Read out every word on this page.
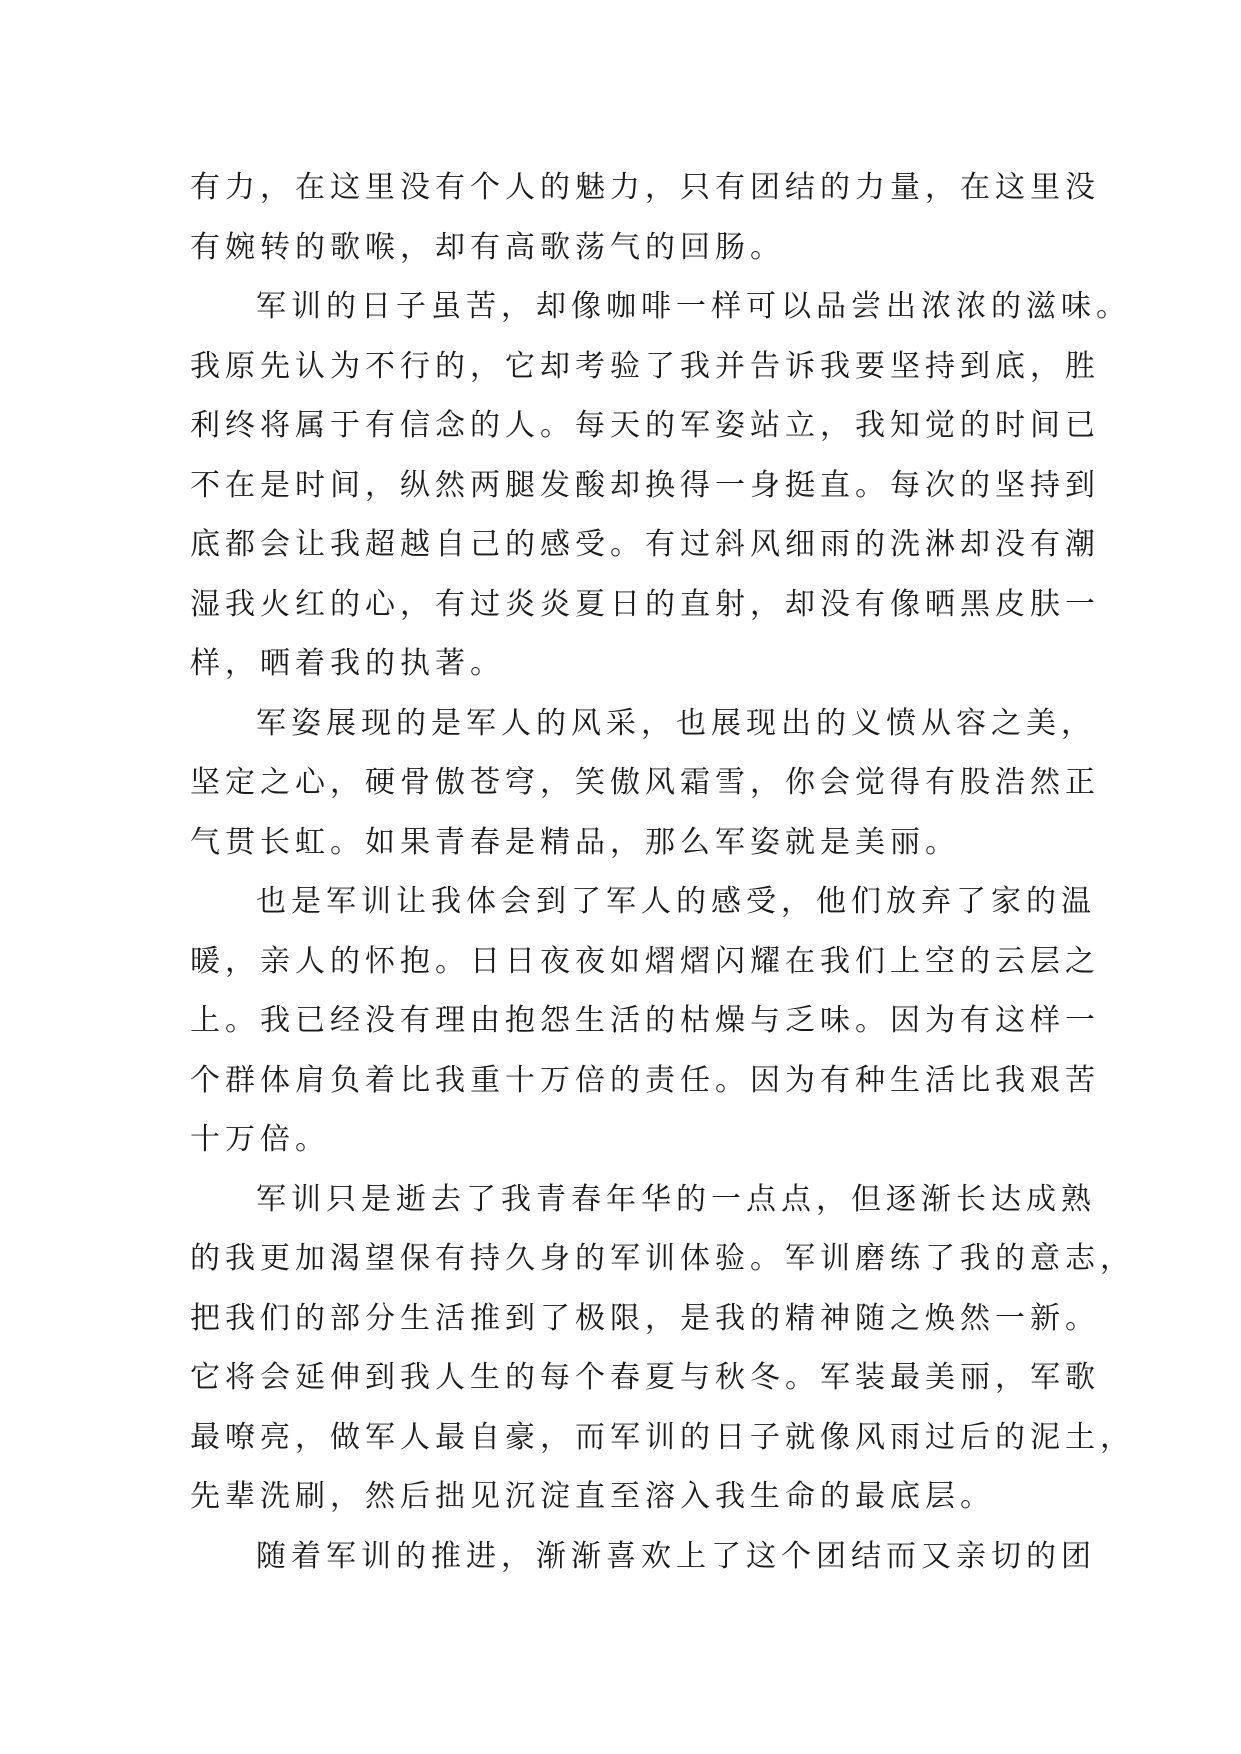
有力，在这里没有个人的魅力，只有团结的力量，在这里没
有婉转的歌喉，却有高歌荡气的回肠。
军训的日子虽苦，却像咖啡一样可以品尝出浓浓的滋味。
我原先认为不行的，它却考验了我并告诉我要坚持到底，胜
利终将属于有信念的人。每天的军姿站立，我知觉的时间已
不在是时间，纵然两腿发酸却换得一身挺直。每次的坚持到
底都会让我超越自己的感受。有过斜风细雨的洗淋却没有潮
湿我火红的心，有过炎炎夏日的直射，却没有像晒黑皮肤一
样，晒着我的执著。
军姿展现的是军人的风采，也展现出的义愤从容之美，
坚定之心，硬骨傲苍穹，笑傲风霜雪，你会觉得有股浩然正
气贯长虹。如果青春是精品，那么军姿就是美丽。
也是军训让我体会到了军人的感受，他们放弃了家的温
暖，亲人的怀抱。日日夜夜如熠熠闪耀在我们上空的云层之
上。我已经没有理由抱怨生活的枯燥与乏味。因为有这样一
个群体肩负着比我重十万倍的责任。因为有种生活比我艰苦
十万倍。
军训只是逝去了我青春年华的一点点，但逐渐长达成熟
的我更加渴望保有持久身的军训体验。军训磨练了我的意志，
把我们的部分生活推到了极限，是我的精神随之焕然一新。
它将会延伸到我人生的每个春夏与秋冬。军装最美丽，军歌
最嘹亮，做军人最自豪，而军训的日子就像风雨过后的泥土，
先辈洗刷，然后拙见沉淀直至溶入我生命的最底层。
随着军训的推进，渐渐喜欢上了这个团结而又亲切的团
